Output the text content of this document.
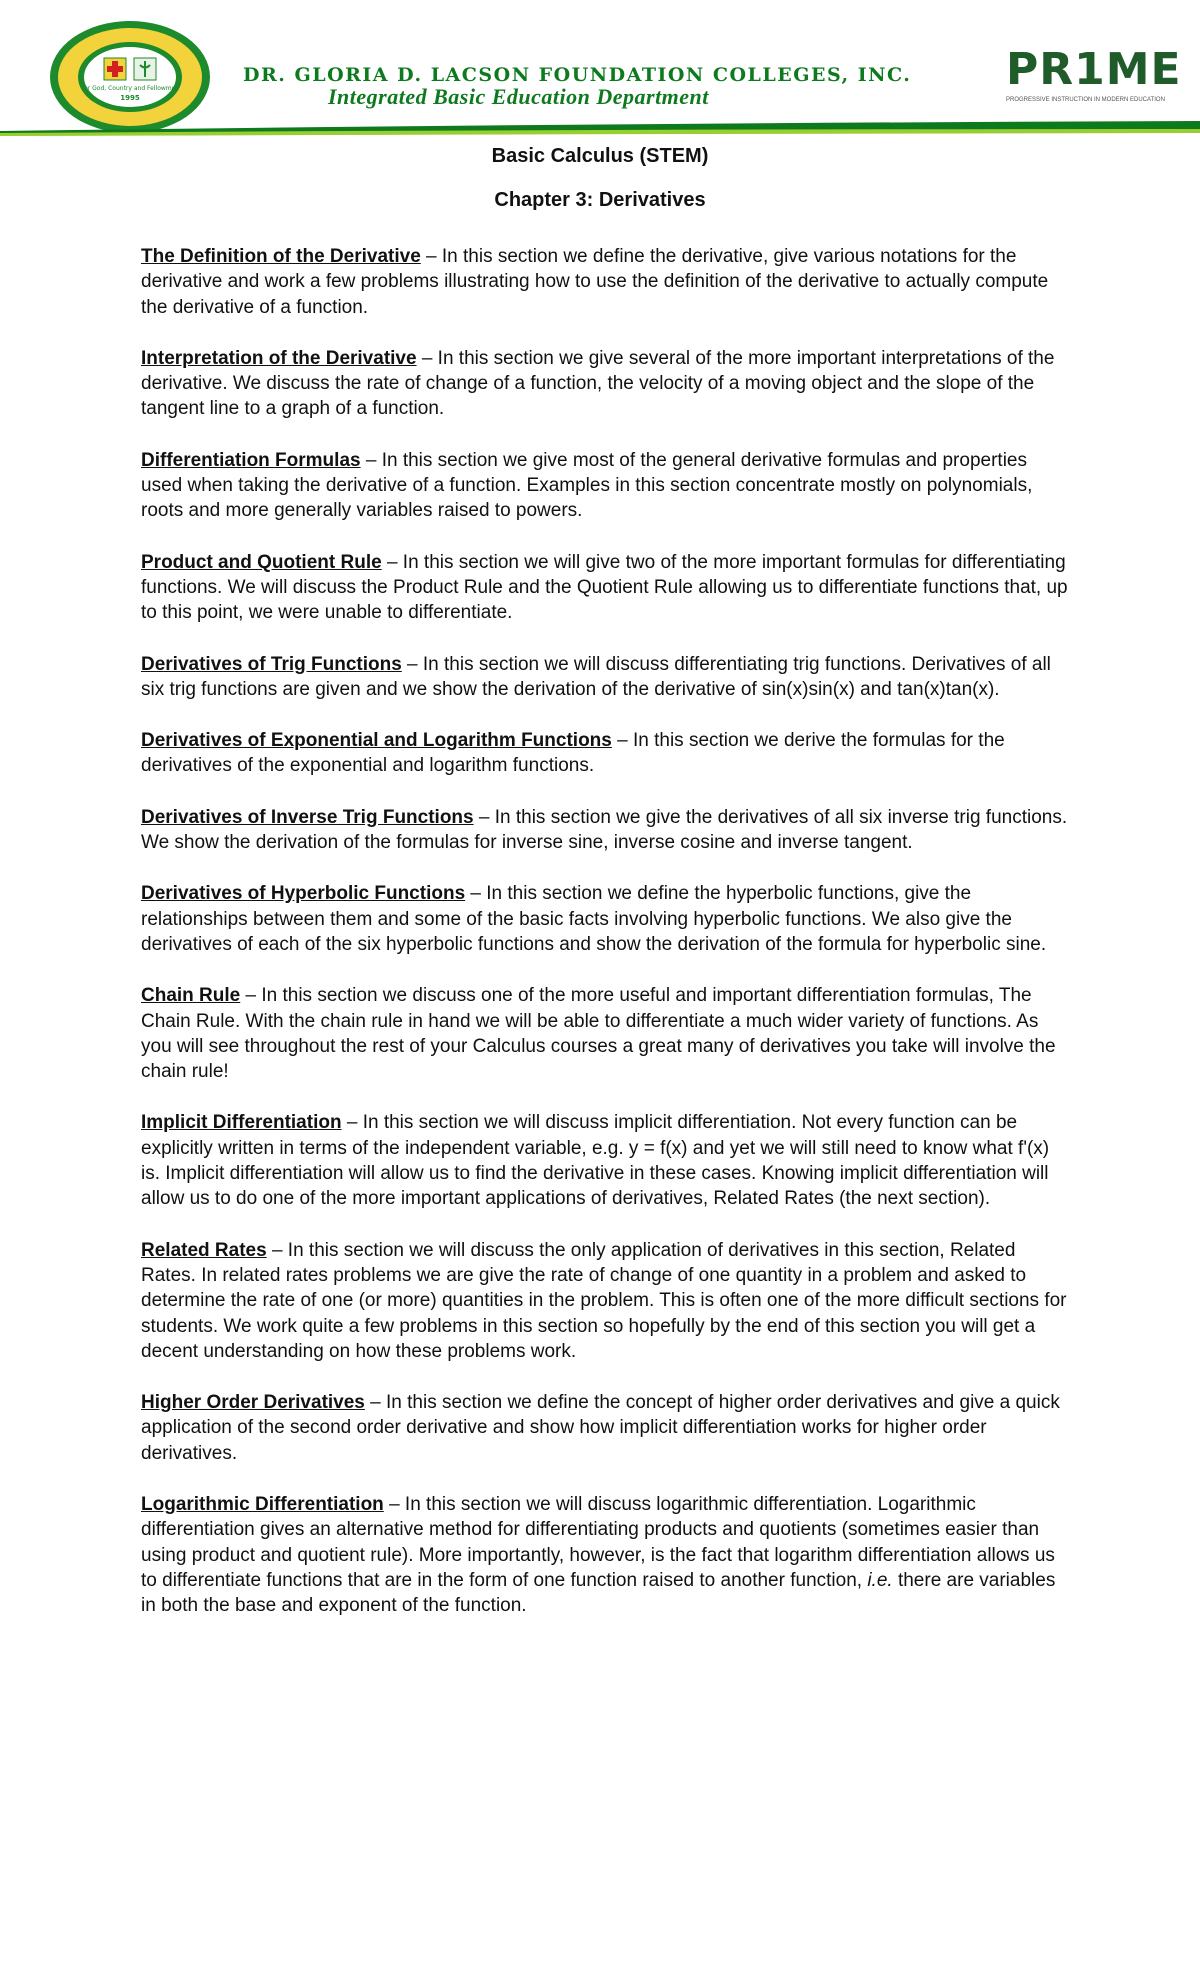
For God, Country and Fellowmen
1995
DR. GLORIA D. LACSON FOUNDATION COLLEGES, INC.
Integrated Basic Education Department
PR1ME
PROGRESSIVE INSTRUCTION IN MODERN EDUCATION
Basic Calculus (STEM)
Chapter 3: Derivatives

The Definition of the Derivative – In this section we define the derivative, give various notations for the derivative and work a few problems illustrating how to use the definition of the derivative to actually compute the derivative of a function.

Interpretation of the Derivative – In this section we give several of the more important interpretations of the derivative. We discuss the rate of change of a function, the velocity of a moving object and the slope of the tangent line to a graph of a function.

Differentiation Formulas – In this section we give most of the general derivative formulas and properties used when taking the derivative of a function. Examples in this section concentrate mostly on polynomials, roots and more generally variables raised to powers.

Product and Quotient Rule – In this section we will give two of the more important formulas for differentiating functions. We will discuss the Product Rule and the Quotient Rule allowing us to differentiate functions that, up to this point, we were unable to differentiate.

Derivatives of Trig Functions – In this section we will discuss differentiating trig functions. Derivatives of all six trig functions are given and we show the derivation of the derivative of sin(x)sin(x) and tan(x)tan(x).

Derivatives of Exponential and Logarithm Functions – In this section we derive the formulas for the derivatives of the exponential and logarithm functions.

Derivatives of Inverse Trig Functions – In this section we give the derivatives of all six inverse trig functions. We show the derivation of the formulas for inverse sine, inverse cosine and inverse tangent.

Derivatives of Hyperbolic Functions – In this section we define the hyperbolic functions, give the relationships between them and some of the basic facts involving hyperbolic functions. We also give the derivatives of each of the six hyperbolic functions and show the derivation of the formula for hyperbolic sine.

Chain Rule – In this section we discuss one of the more useful and important differentiation formulas, The Chain Rule. With the chain rule in hand we will be able to differentiate a much wider variety of functions. As you will see throughout the rest of your Calculus courses a great many of derivatives you take will involve the chain rule!

Implicit Differentiation – In this section we will discuss implicit differentiation. Not every function can be explicitly written in terms of the independent variable, e.g. y = f(x) and yet we will still need to know what f'(x) is. Implicit differentiation will allow us to find the derivative in these cases. Knowing implicit differentiation will allow us to do one of the more important applications of derivatives, Related Rates (the next section).

Related Rates – In this section we will discuss the only application of derivatives in this section, Related Rates. In related rates problems we are give the rate of change of one quantity in a problem and asked to determine the rate of one (or more) quantities in the problem. This is often one of the more difficult sections for students. We work quite a few problems in this section so hopefully by the end of this section you will get a decent understanding on how these problems work.

Higher Order Derivatives – In this section we define the concept of higher order derivatives and give a quick application of the second order derivative and show how implicit differentiation works for higher order derivatives.

Logarithmic Differentiation – In this section we will discuss logarithmic differentiation. Logarithmic differentiation gives an alternative method for differentiating products and quotients (sometimes easier than using product and quotient rule). More importantly, however, is the fact that logarithm differentiation allows us to differentiate functions that are in the form of one function raised to another function, i.e. there are variables in both the base and exponent of the function.
